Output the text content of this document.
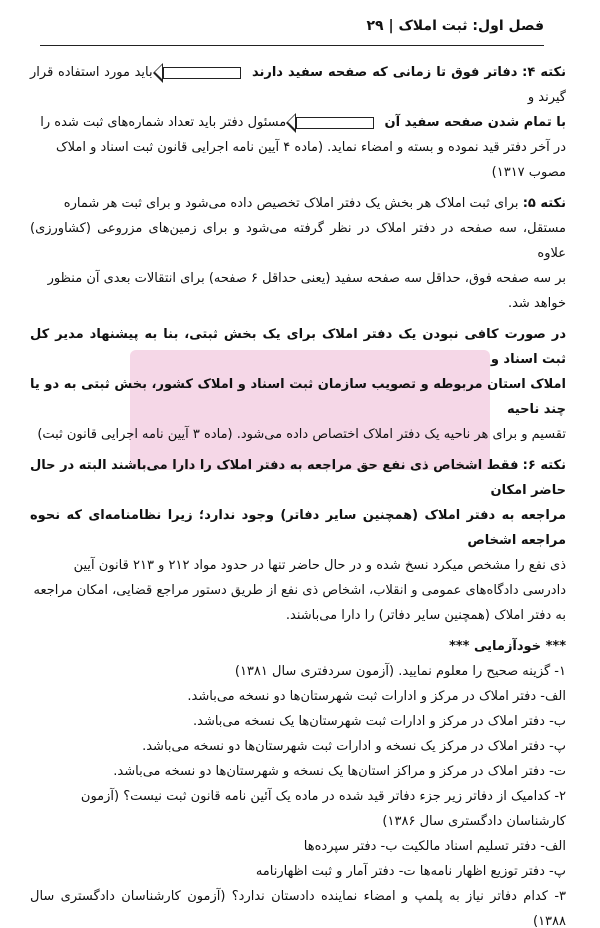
فصل اول: ثبت املاک | ۲۹
نکته ۴: دفاتر فوق تا زمانی که صفحه سفید دارند  باید مورد استفاده قرار گیرند و
با تمام شدن صفحه سفید آن  مسئول دفتر باید تعداد شماره‌های ثبت شده را
در آخر دفتر قید نموده و بسته و امضاء نماید. (ماده ۴ آیین نامه اجرایی قانون ثبت اسناد و املاک
مصوب ۱۳۱۷)
نکته ۵: برای ثبت املاک هر بخش یک دفتر املاک تخصیص داده می‌شود و برای ثبت هر شماره
مستقل، سه صفحه در دفتر املاک در نظر گرفته می‌شود و برای زمین‌های مزروعی (کشاورزی) علاوه
بر سه صفحه فوق، حداقل سه صفحه سفید (یعنی حداقل ۶ صفحه) برای انتقالات بعدی آن منظور
خواهد شد.
در صورت کافی نبودن یک دفتر املاک برای یک بخش ثبتی، بنا به پیشنهاد مدیر کل ثبت اسناد و
املاک استان مربوطه و تصویب سازمان ثبت اسناد و املاک کشور، بخش ثبتی به دو یا چند ناحیه
تقسیم و برای هر ناحیه یک دفتر املاک اختصاص داده می‌شود. (ماده ۳ آیین نامه اجرایی قانون ثبت)
نکته ۶: فقط اشخاص ذی نفع حق مراجعه به دفتر املاک را دارا می‌باشند البته در حال حاضر امکان
مراجعه به دفتر املاک (همچنین سایر دفاتر) وجود ندارد؛ زیرا نظامنامه‌ای که نحوه مراجعه اشخاص
ذی نفع را مشخص میکرد نسخ شده و در حال حاضر تنها در حدود مواد ۲۱۲ و ۲۱۳ قانون آیین
دادرسی دادگاه‌های عمومی و انقلاب، اشخاص ذی نفع از طریق دستور مراجع قضایی، امکان مراجعه
به دفتر املاک (همچنین سایر دفاتر) را دارا می‌باشند.
*** خودآزمایی ***
۱- گزینه صحیح را معلوم نمایید. (آزمون سردفتری سال ۱۳۸۱)
الف- دفتر املاک در مرکز و ادارات ثبت شهرستان‌ها دو نسخه می‌باشد.
ب- دفتر املاک در مرکز و ادارات ثبت شهرستان‌ها یک نسخه می‌باشد.
پ- دفتر املاک در مرکز یک نسخه و ادارات ثبت شهرستان‌ها دو نسخه می‌باشد.
ت- دفتر املاک در مرکز و مراکز استان‌ها یک نسخه و شهرستان‌ها دو نسخه می‌باشد.
۲- کدامیک از دفاتر زیر جزء دفاتر قید شده در ماده یک آئین نامه قانون ثبت نیست؟ (آزمون
کارشناسان دادگستری سال ۱۳۸۶)
الف- دفتر تسلیم اسناد مالکیت ب- دفتر سپرده‌ها
پ- دفتر توزیع اظهار نامه‌ها ت- دفتر آمار و ثبت اظهارنامه
۳- کدام دفاتر نیاز به پلمپ و امضاء نماینده دادستان ندارد؟ (آزمون کارشناسان دادگستری سال ۱۳۸۸)
